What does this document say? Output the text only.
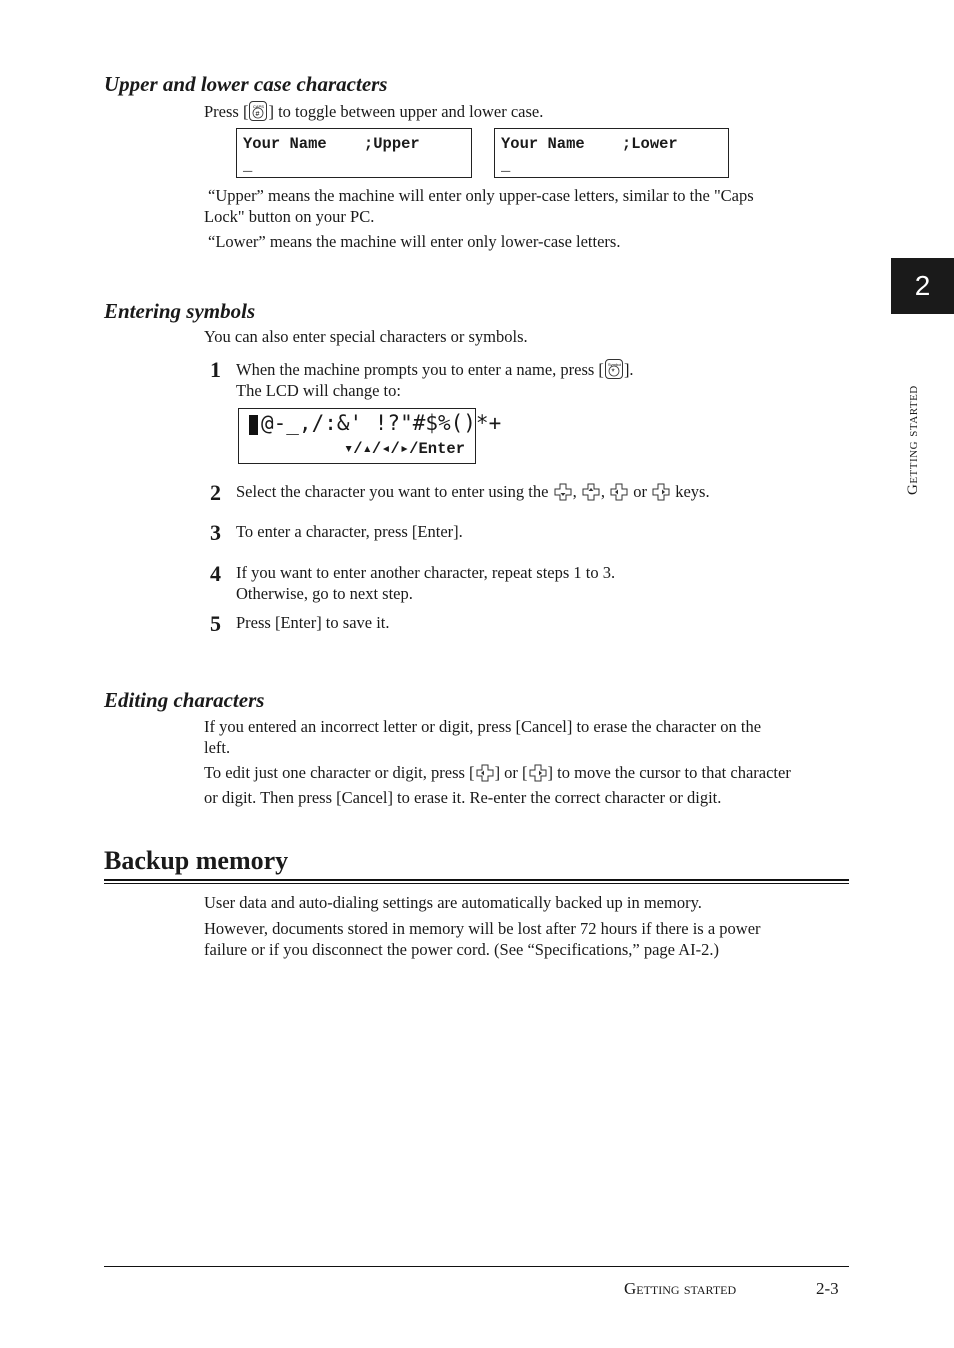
Upper and lower case characters
Press [ CAPS
# ] to toggle between upper and lower case.
Your Name    ;Upper
_
Your Name    ;Lower
_
“Upper” means the machine will enter only upper-case letters, similar to the "Caps
Lock" button on your PC.
“Lower” means the machine will enter only lower-case letters.
Entering symbols
You can also enter special characters or symbols.
1 When the machine prompts you to enter a name, press [ Symbol
* ].
The LCD will change to:
@-_,/:&' !?"#$%()*+
▾/▴/◂/▸/Enter
2 Select the character you want to enter using the , , or keys.
3 To enter a character, press [Enter].
4 If you want to enter another character, repeat steps 1 to 3.
Otherwise, go to next step.
5 Press [Enter] to save it.
Editing characters
If you entered an incorrect letter or digit, press [Cancel] to erase the character on the
left.
To edit just one character or digit, press [ ] or [ ] to move the cursor to that character
or digit. Then press [Cancel] to erase it. Re-enter the correct character or digit.
Backup memory
User data and auto-dialing settings are automatically backed up in memory.
However, documents stored in memory will be lost after 72 hours if there is a power
failure or if you disconnect the power cord. (See “Specifications,” page AI-2.)
2
Getting started
Getting started	2-3
